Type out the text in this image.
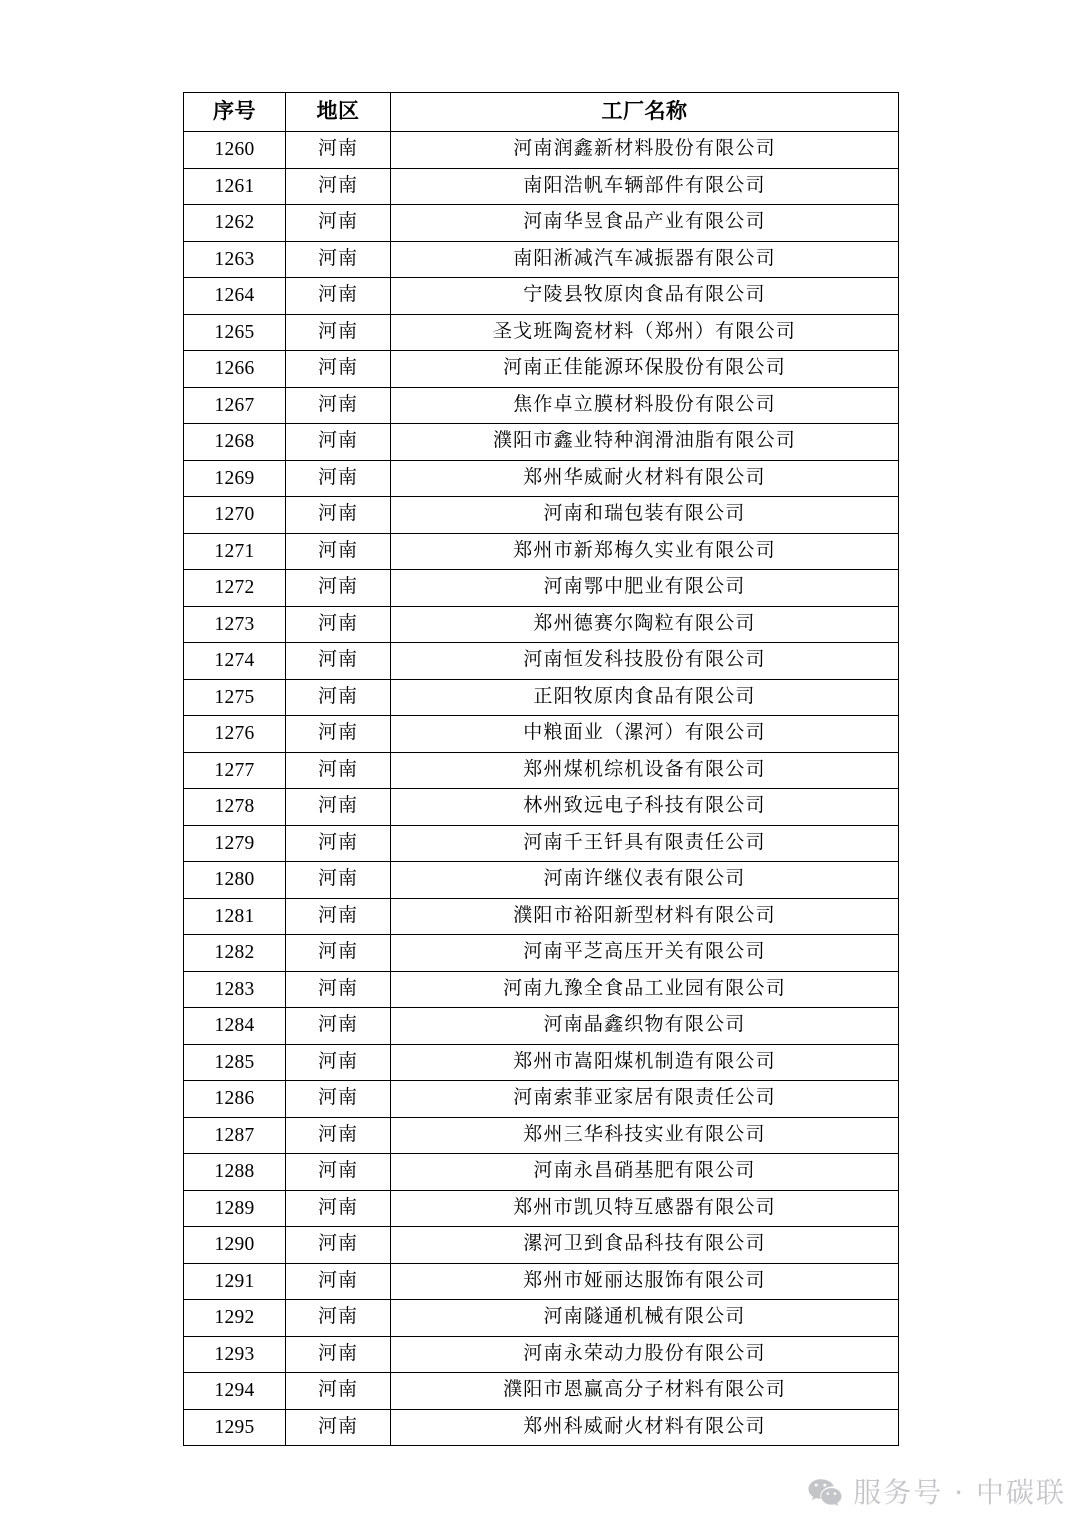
序号	地区	工厂名称
1260	河南	河南润鑫新材料股份有限公司
1261	河南	南阳浩帆车辆部件有限公司
1262	河南	河南华昱食品产业有限公司
1263	河南	南阳淅减汽车减振器有限公司
1264	河南	宁陵县牧原肉食品有限公司
1265	河南	圣戈班陶瓷材料（郑州）有限公司
1266	河南	河南正佳能源环保股份有限公司
1267	河南	焦作卓立膜材料股份有限公司
1268	河南	濮阳市鑫业特种润滑油脂有限公司
1269	河南	郑州华威耐火材料有限公司
1270	河南	河南和瑞包装有限公司
1271	河南	郑州市新郑梅久实业有限公司
1272	河南	河南鄂中肥业有限公司
1273	河南	郑州德赛尔陶粒有限公司
1274	河南	河南恒发科技股份有限公司
1275	河南	正阳牧原肉食品有限公司
1276	河南	中粮面业（漯河）有限公司
1277	河南	郑州煤机综机设备有限公司
1278	河南	林州致远电子科技有限公司
1279	河南	河南千王钎具有限责任公司
1280	河南	河南许继仪表有限公司
1281	河南	濮阳市裕阳新型材料有限公司
1282	河南	河南平芝高压开关有限公司
1283	河南	河南九豫全食品工业园有限公司
1284	河南	河南晶鑫织物有限公司
1285	河南	郑州市嵩阳煤机制造有限公司
1286	河南	河南索菲亚家居有限责任公司
1287	河南	郑州三华科技实业有限公司
1288	河南	河南永昌硝基肥有限公司
1289	河南	郑州市凯贝特互感器有限公司
1290	河南	漯河卫到食品科技有限公司
1291	河南	郑州市娅丽达服饰有限公司
1292	河南	河南隧通机械有限公司
1293	河南	河南永荣动力股份有限公司
1294	河南	濮阳市恩赢高分子材料有限公司
1295	河南	郑州科威耐火材料有限公司
服务号 · 中碳联
